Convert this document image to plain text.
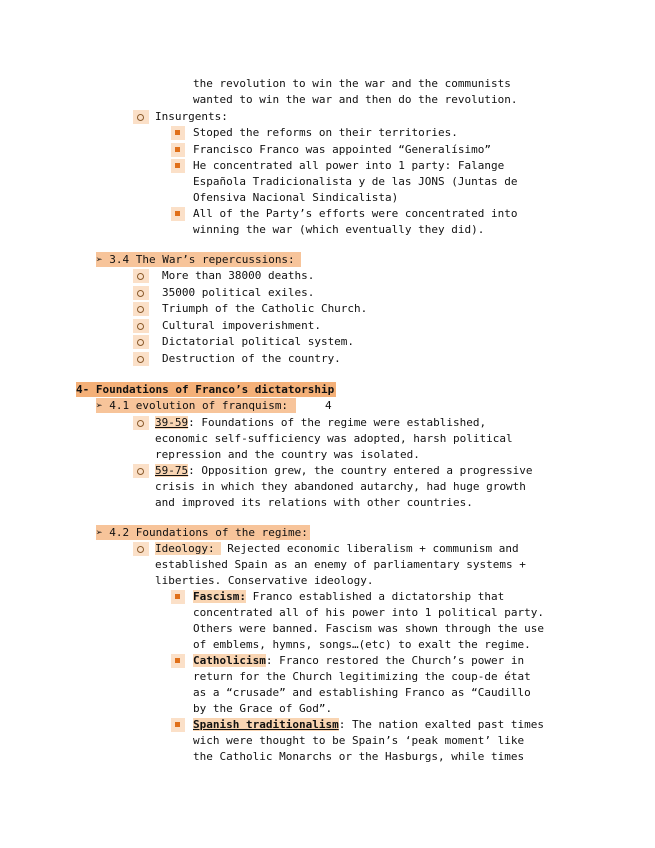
the revolution to win the war and the communists
wanted to win the war and then do the revolution.
Insurgents:
Stoped the reforms on their territories.
Francisco Franco was appointed “Generalísimo”
He concentrated all power into 1 party: Falange
Española Tradicionalista y de las JONS (Juntas de
Ofensiva Nacional Sindicalista)
All of the Party’s efforts were concentrated into
winning the war (which eventually they did).
➢ 3.4 The War’s repercussions:
More than 38000 deaths.
35000 political exiles.
Triumph of the Catholic Church.
Cultural impoverishment.
Dictatorial political system.
Destruction of the country.
4- Foundations of Franco’s dictatorship
➢ 4.1 evolution of franquism:	4
39-59: Foundations of the regime were established,
economic self-sufficiency was adopted, harsh political
repression and the country was isolated.
59-75: Opposition grew, the country entered a progressive
crisis in which they abandoned autarchy, had huge growth
and improved its relations with other countries.
➢ 4.2 Foundations of the regime:
Ideology: Rejected economic liberalism + communism and
established Spain as an enemy of parliamentary systems +
liberties. Conservative ideology.
Fascism: Franco established a dictatorship that
concentrated all of his power into 1 political party.
Others were banned. Fascism was shown through the use
of emblems, hymns, songs…(etc) to exalt the regime.
Catholicism: Franco restored the Church’s power in
return for the Church legitimizing the coup-de état
as a “crusade” and establishing Franco as “Caudillo
by the Grace of God”.
Spanish traditionalism: The nation exalted past times
wich were thought to be Spain’s ‘peak moment’ like
the Catholic Monarchs or the Hasburgs, while times
